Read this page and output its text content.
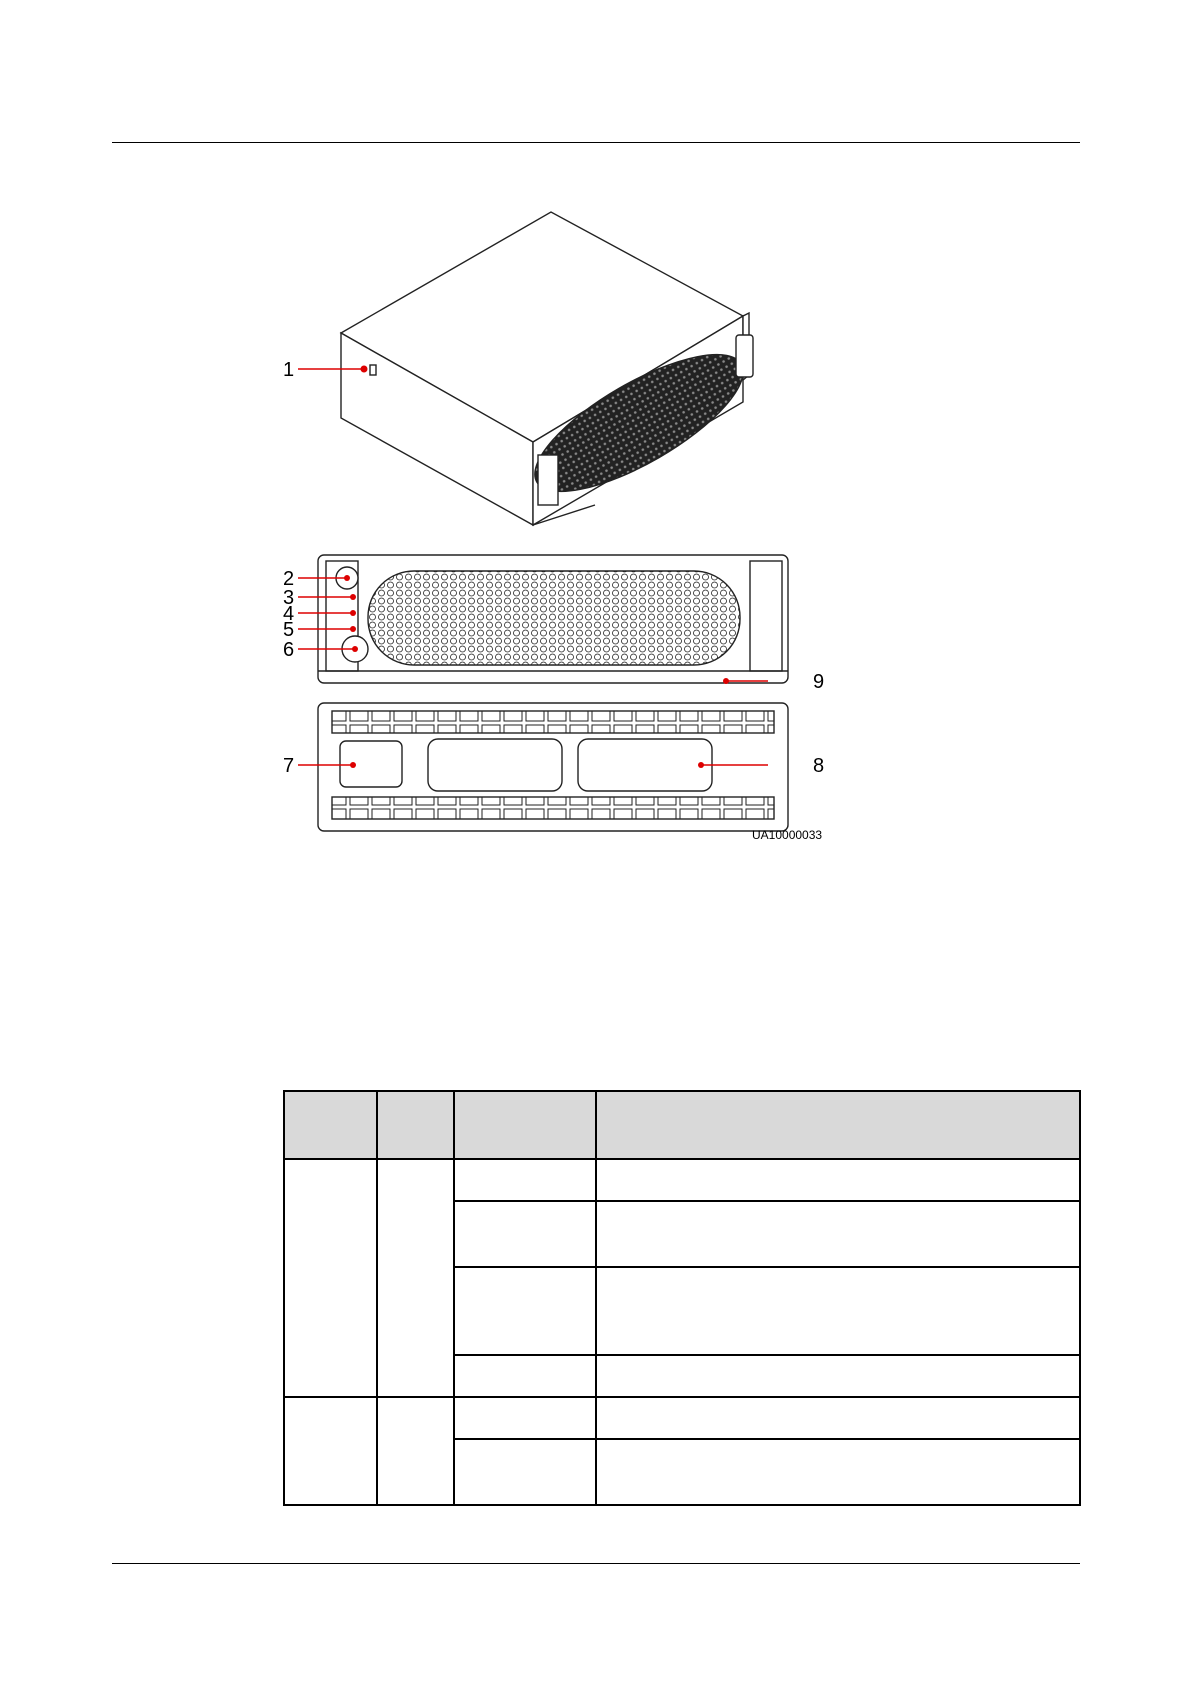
1
2
3
4
5
6
7	8
9
UA10000033
